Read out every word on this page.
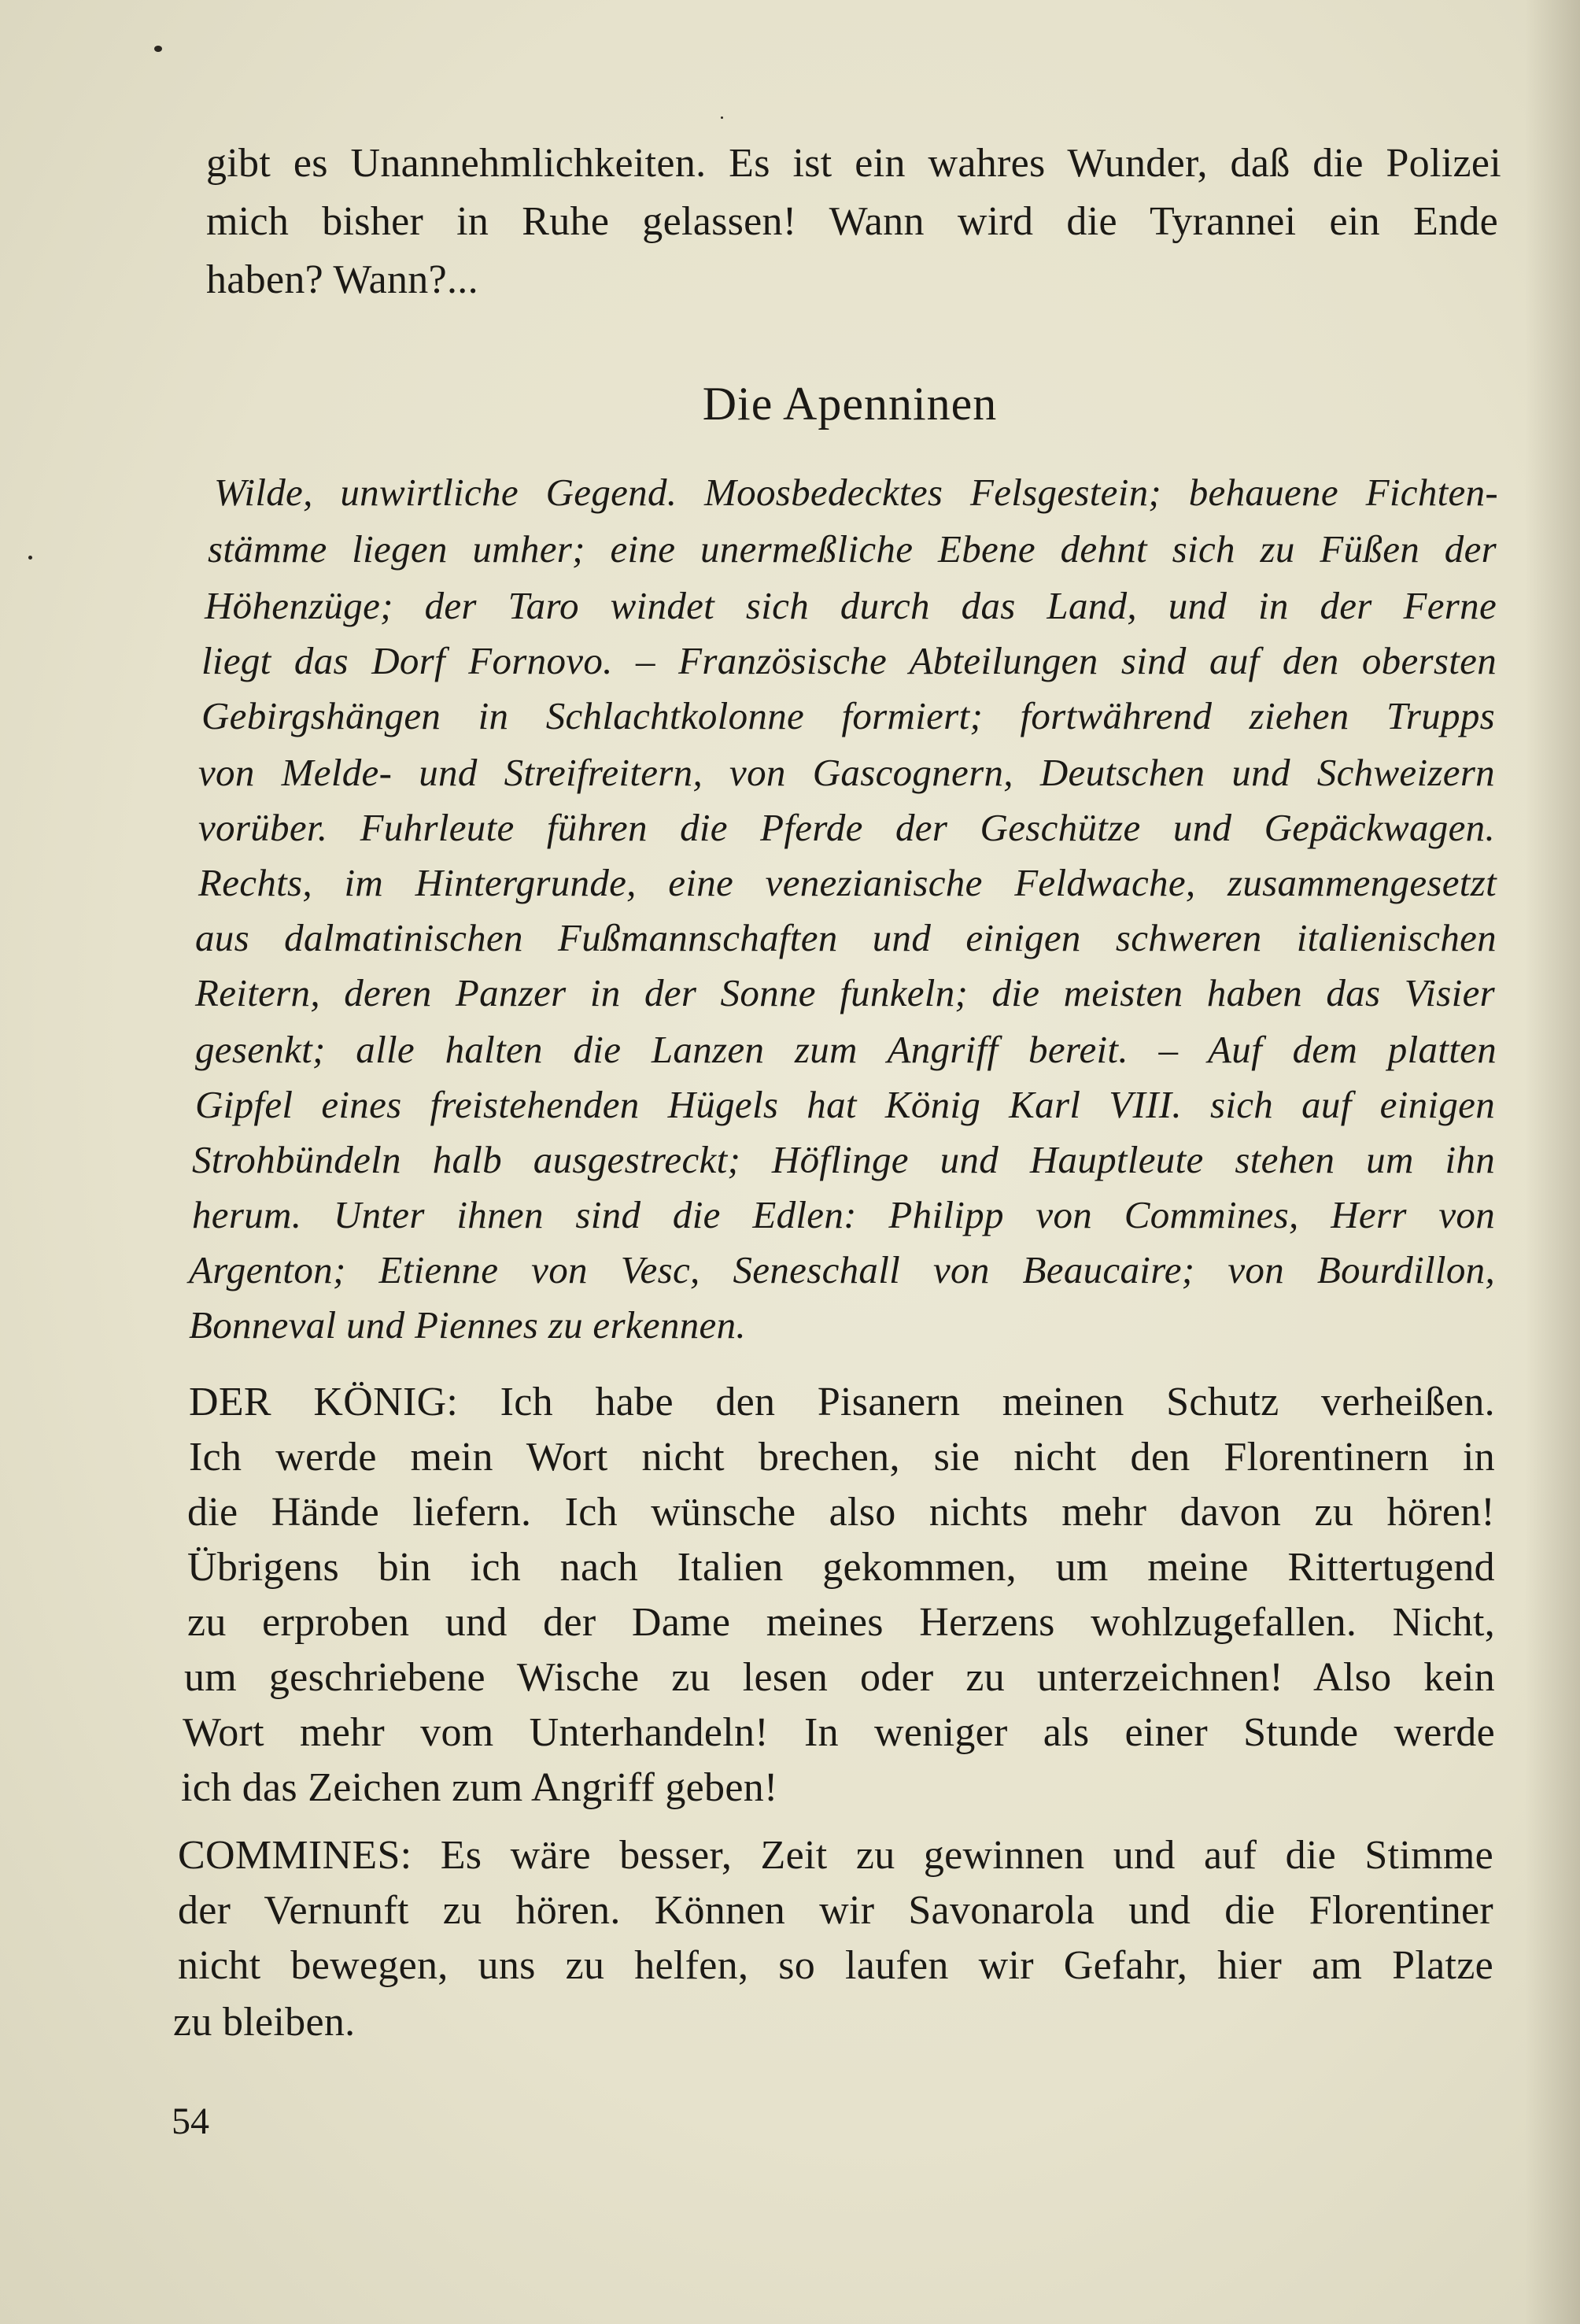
gibt es Unannehmlichkeiten. Es ist ein wahres Wunder, daß die Polizei
mich bisher in Ruhe gelassen! Wann wird die Tyrannei ein Ende
haben? Wann?...
Die Apenninen
Wilde, unwirtliche Gegend. Moosbedecktes Felsgestein; behauene Fichten-
stämme liegen umher; eine unermeßliche Ebene dehnt sich zu Füßen der
Höhenzüge; der Taro windet sich durch das Land, und in der Ferne
liegt das Dorf Fornovo. – Französische Abteilungen sind auf den obersten
Gebirgshängen in Schlachtkolonne formiert; fortwährend ziehen Trupps
von Melde- und Streifreitern, von Gascognern, Deutschen und Schweizern
vorüber. Fuhrleute führen die Pferde der Geschütze und Gepäckwagen.
Rechts, im Hintergrunde, eine venezianische Feldwache, zusammengesetzt
aus dalmatinischen Fußmannschaften und einigen schweren italienischen
Reitern, deren Panzer in der Sonne funkeln; die meisten haben das Visier
gesenkt; alle halten die Lanzen zum Angriff bereit. – Auf dem platten
Gipfel eines freistehenden Hügels hat König Karl VIII. sich auf einigen
Strohbündeln halb ausgestreckt; Höflinge und Hauptleute stehen um ihn
herum. Unter ihnen sind die Edlen: Philipp von Commines, Herr von
Argenton; Etienne von Vesc, Seneschall von Beaucaire; von Bourdillon,
Bonneval und Piennes zu erkennen.
DER KÖNIG: Ich habe den Pisanern meinen Schutz verheißen.
Ich werde mein Wort nicht brechen, sie nicht den Florentinern in
die Hände liefern. Ich wünsche also nichts mehr davon zu hören!
Übrigens bin ich nach Italien gekommen, um meine Rittertugend
zu erproben und der Dame meines Herzens wohlzugefallen. Nicht,
um geschriebene Wische zu lesen oder zu unterzeichnen! Also kein
Wort mehr vom Unterhandeln! In weniger als einer Stunde werde
ich das Zeichen zum Angriff geben!
COMMINES: Es wäre besser, Zeit zu gewinnen und auf die Stimme
der Vernunft zu hören. Können wir Savonarola und die Florentiner
nicht bewegen, uns zu helfen, so laufen wir Gefahr, hier am Platze
zu bleiben.
54
